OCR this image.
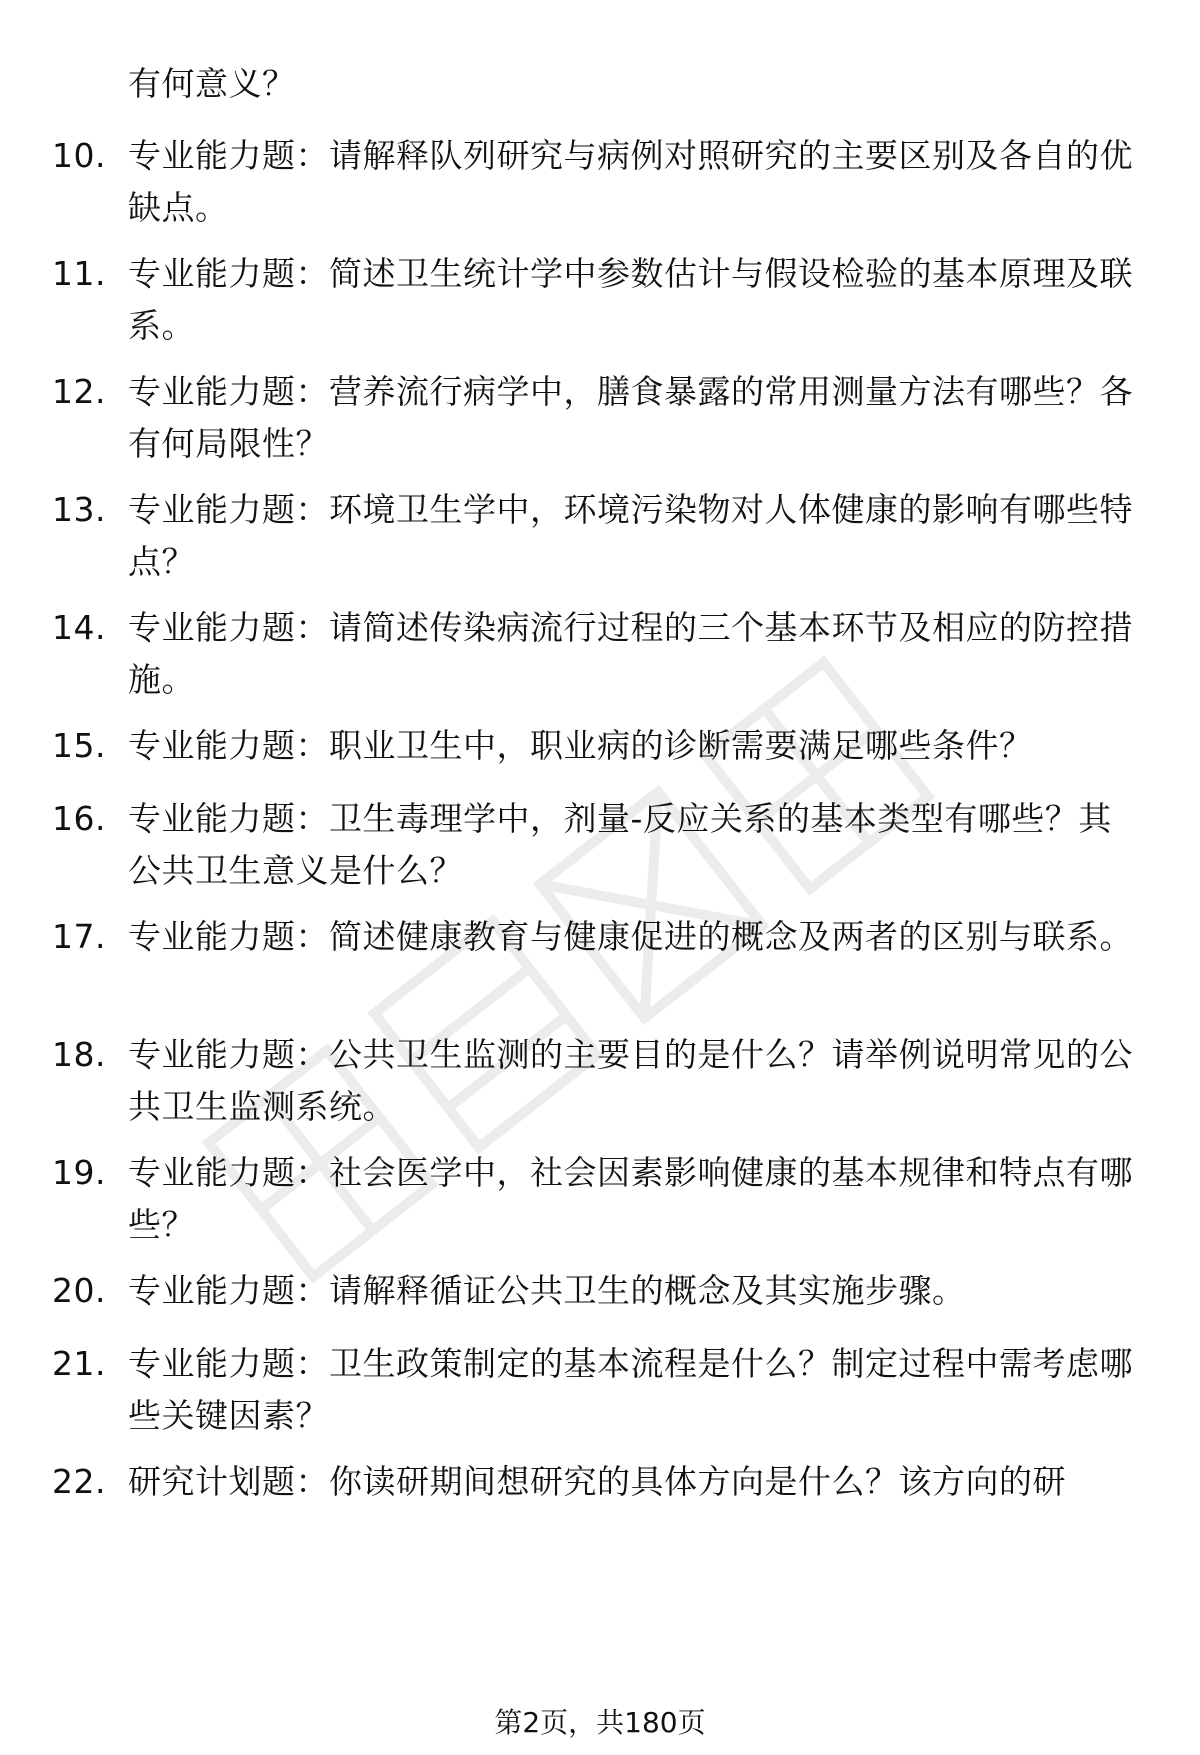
有何意义？
10. 专业能力题：请解释队列研究与病例对照研究的主要区别及各自的优缺点。
11. 专业能力题：简述卫生统计学中参数估计与假设检验的基本原理及联系。
12. 专业能力题：营养流行病学中，膳食暴露的常用测量方法有哪些？各有何局限性？
13. 专业能力题：环境卫生学中，环境污染物对人体健康的影响有哪些特点？
14. 专业能力题：请简述传染病流行过程的三个基本环节及相应的防控措施。
15. 专业能力题：职业卫生中，职业病的诊断需要满足哪些条件？
16. 专业能力题：卫生毒理学中，剂量-反应关系的基本类型有哪些？其公共卫生意义是什么？
17. 专业能力题：简述健康教育与健康促进的概念及两者的区别与联系。
18. 专业能力题：公共卫生监测的主要目的是什么？请举例说明常见的公共卫生监测系统。
19. 专业能力题：社会医学中，社会因素影响健康的基本规律和特点有哪些？
20. 专业能力题：请解释循证公共卫生的概念及其实施步骤。
21. 专业能力题：卫生政策制定的基本流程是什么？制定过程中需考虑哪些关键因素？
22. 研究计划题：你读研期间想研究的具体方向是什么？该方向的研
第2页，共180页
